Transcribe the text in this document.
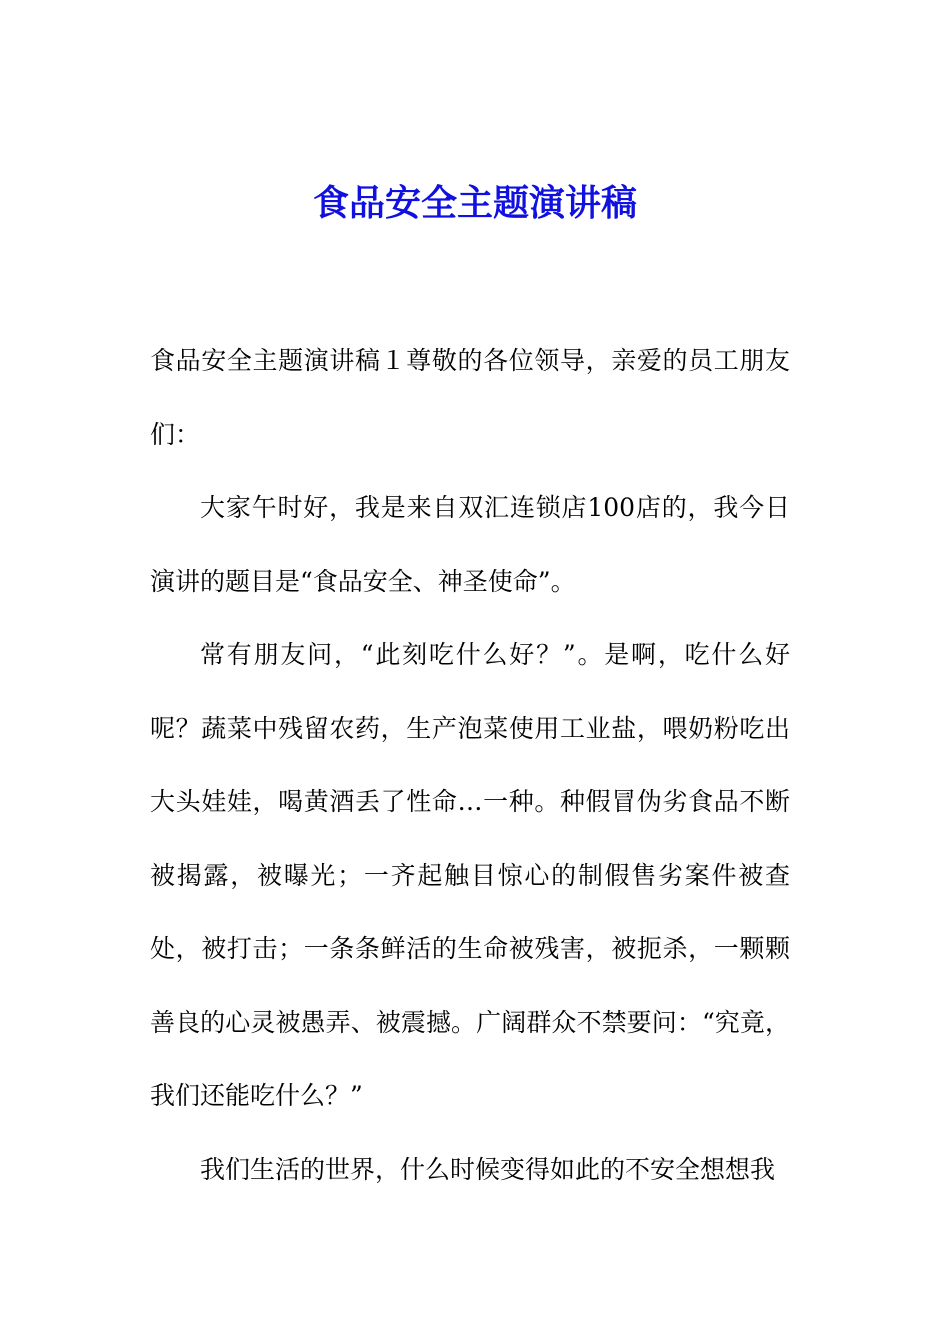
食品安全主题演讲稿

食品安全主题演讲稿１尊敬的各位领导，亲爱的员工朋友们：

大家午时好，我是来自双汇连锁店100店的，我今日演讲的题目是“食品安全、神圣使命”。

常有朋友问，“此刻吃什么好？”。是啊，吃什么好呢？蔬菜中残留农药，生产泡菜使用工业盐，喂奶粉吃出大头娃娃，喝黄酒丢了性命…一种。种假冒伪劣食品不断被揭露，被曝光；一齐起触目惊心的制假售劣案件被查处，被打击；一条条鲜活的生命被残害，被扼杀，一颗颗善良的心灵被愚弄、被震撼。广阔群众不禁要问：“究竟，我们还能吃什么？”

我们生活的世界，什么时候变得如此的不安全想想我
